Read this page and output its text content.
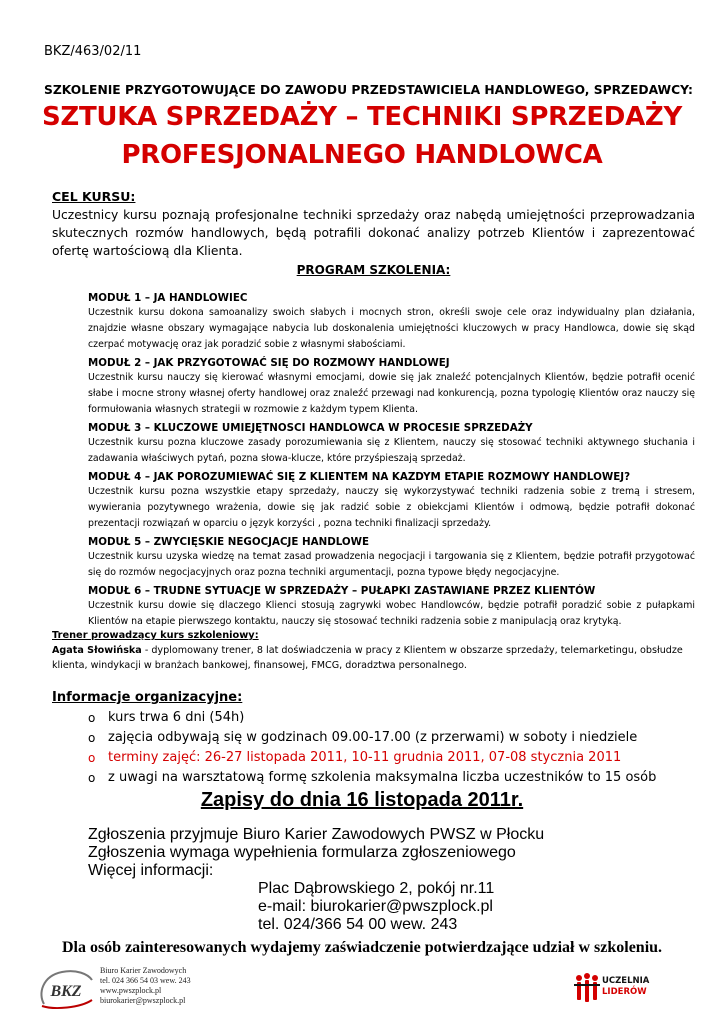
BKZ/463/02/11
SZKOLENIE PRZYGOTOWUJĄCE DO ZAWODU PRZEDSTAWICIELA HANDLOWEGO, SPRZEDAWCY:
SZTUKA SPRZEDAŻY – TECHNIKI SPRZEDAŻY
PROFESJONALNEGO HANDLOWCA
CEL KURSU:
Uczestnicy kursu poznają profesjonalne techniki sprzedaży oraz nabędą umiejętności przeprowadzania skutecznych rozmów handlowych, będą potrafili dokonać analizy potrzeb Klientów i zaprezentować ofertę wartościową dla Klienta.
PROGRAM SZKOLENIA:
MODUŁ 1 – JA HANDLOWIEC
Uczestnik kursu dokona samoanalizy swoich słabych i mocnych stron, określi swoje cele oraz indywidualny plan działania, znajdzie własne obszary wymagające nabycia lub doskonalenia umiejętności kluczowych w pracy Handlowca, dowie się skąd czerpać motywację oraz jak poradzić sobie z własnymi słabościami.
MODUŁ 2 – JAK PRZYGOTOWAĆ SIĘ DO ROZMOWY HANDLOWEJ
Uczestnik kursu nauczy się kierować własnymi emocjami, dowie się jak znaleźć potencjalnych Klientów, będzie potrafił ocenić słabe i mocne strony własnej oferty handlowej oraz znaleźć przewagi nad konkurencją, pozna typologię Klientów oraz nauczy się formułowania własnych strategii w rozmowie z każdym typem Klienta.
MODUŁ 3 – KLUCZOWE UMIEJĘTNOSCI HANDLOWCA W PROCESIE SPRZEDAŻY
Uczestnik kursu pozna kluczowe zasady porozumiewania się z Klientem, nauczy się stosować techniki aktywnego słuchania i zadawania właściwych pytań, pozna słowa-klucze, które przyśpieszają sprzedaż.
MODUŁ 4 – JAK POROZUMIEWAĆ SIĘ Z KLIENTEM NA KAZDYM ETAPIE ROZMOWY HANDLOWEJ?
Uczestnik kursu pozna wszystkie etapy sprzedaży, nauczy się wykorzystywać techniki radzenia sobie z tremą i stresem, wywierania pozytywnego wrażenia, dowie się jak radzić sobie z obiekcjami Klientów i odmową, będzie potrafił dokonać prezentacji rozwiązań w oparciu o język korzyści , pozna techniki finalizacji sprzedaży.
MODUŁ 5 – ZWYCIĘSKIE NEGOCJACJE HANDLOWE
Uczestnik kursu uzyska wiedzę na temat zasad prowadzenia negocjacji i targowania się z Klientem, będzie potrafił przygotować się do rozmów negocjacyjnych oraz pozna techniki argumentacji, pozna typowe błędy negocjacyjne.
MODUŁ 6 – TRUDNE SYTUACJE W SPRZEDAŻY – PUŁAPKI ZASTAWIANE PRZEZ KLIENTÓW
Uczestnik kursu dowie się dlaczego Klienci stosują zagrywki wobec Handlowców, będzie potrafił poradzić sobie z pułapkami Klientów na etapie pierwszego kontaktu, nauczy się stosować techniki radzenia sobie z manipulacją oraz krytyką.
Trener prowadzący kurs szkoleniowy:
Agata Słowińska - dyplomowany trener, 8 lat doświadczenia w pracy z Klientem w obszarze sprzedaży, telemarketingu, obsłudze klienta, windykacji w branżach bankowej, finansowej, FMCG, doradztwa personalnego.
Informacje organizacyjne:
o kurs trwa 6 dni (54h)
o zajęcia odbywają się w godzinach 09.00-17.00 (z przerwami) w soboty i niedziele
o terminy zajęć: 26-27 listopada 2011, 10-11 grudnia 2011, 07-08 stycznia 2011
o z uwagi na warsztatową formę szkolenia maksymalna liczba uczestników to 15 osób
Zapisy do dnia 16 listopada 2011r.
Zgłoszenia przyjmuje Biuro Karier Zawodowych PWSZ w Płocku
Zgłoszenia wymaga wypełnienia formularza zgłoszeniowego
Więcej informacji:
Plac Dąbrowskiego 2, pokój nr.11
e-mail: biurokarier@pwszplock.pl
tel. 024/366 54 00 wew. 243
Dla osób zainteresowanych wydajemy zaświadczenie potwierdzające udział w szkoleniu.
BKZ
Biuro Karier Zawodowych
tel. 024 366 54 03 wew. 243
www.pwszplock.pl
biurokarier@pwszplock.pl
UCZELNIA
LIDERÓW
